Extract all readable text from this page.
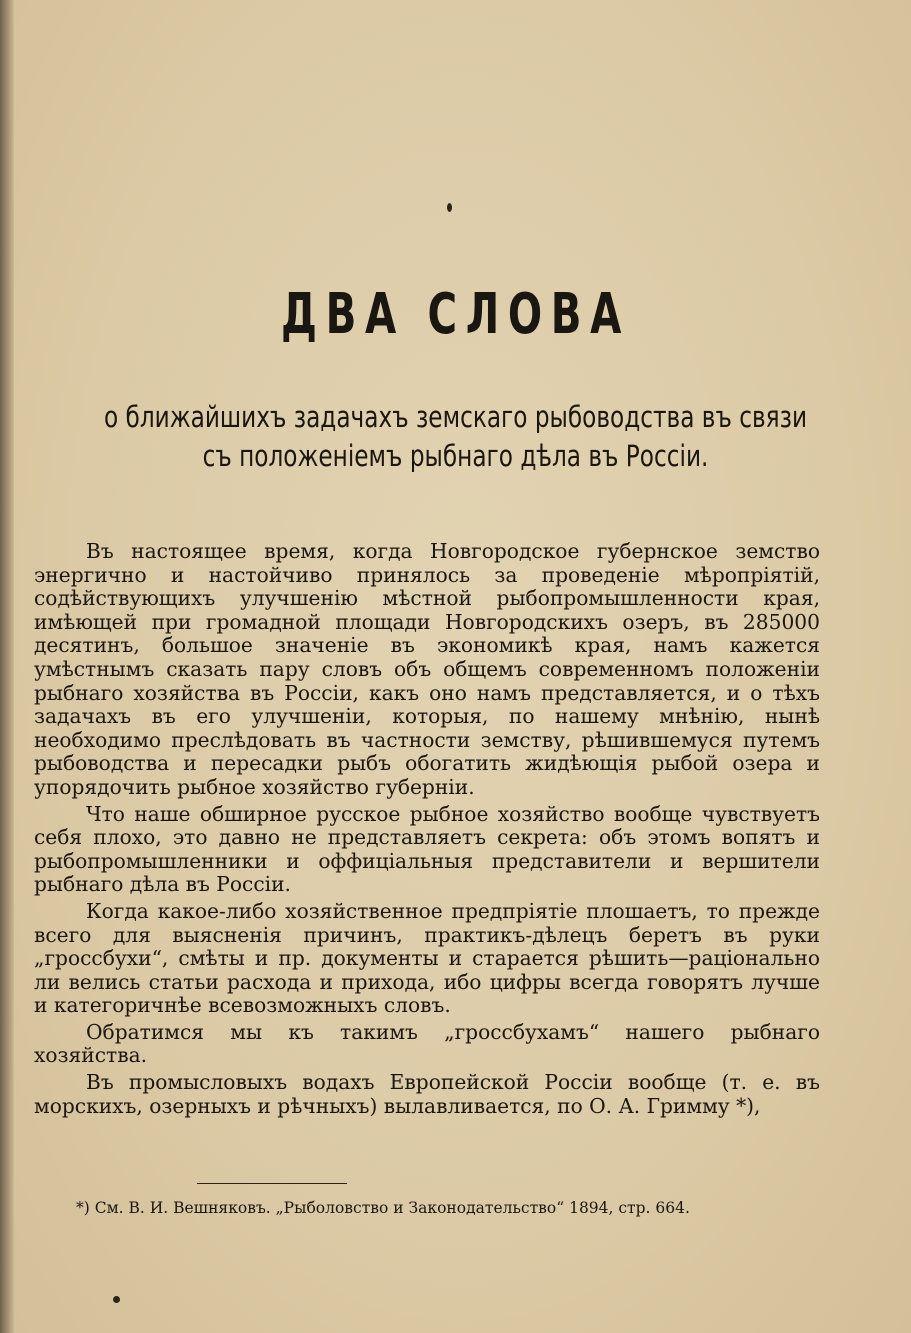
ДВА СЛОВА
о ближайшихъ задачахъ земскаго рыбоводства въ связи
съ положенiемъ рыбнаго дѣла въ Россiи.

Въ настоящее время, когда Новгородское губернское земство энергично и настойчиво принялось за проведенiе мѣропрiятiй, содѣйствующихъ улучшенiю мѣстной рыбопромышленности края, имѣющей при громадной площади Новгородскихъ озеръ, въ 285000 десятинъ, большое значенiе въ экономикѣ края, намъ кажется умѣстнымъ сказать пару словъ объ общемъ современномъ положенiи рыбнаго хозяйства въ Россiи, какъ оно намъ представляется, и о тѣхъ задачахъ въ его улучшенiи, которыя, по нашему мнѣнiю, нынѣ необходимо преслѣдовать въ частности земству, рѣшившемуся путемъ рыбоводства и пересадки рыбъ обогатить жидѣющiя рыбой озера и упорядочить рыбное хозяйство губернiи.

Что наше обширное русское рыбное хозяйство вообще чувствуетъ себя плохо, это давно не представляетъ секрета: объ этомъ вопятъ и рыбопромышленники и оффицiальныя представители и вершители рыбнаго дѣла въ Россiи.

Когда какое-либо хозяйственное предпрiятiе плошаетъ, то прежде всего для выясненiя причинъ, практикъ-дѣлецъ беретъ въ руки „гроссбухи“, смѣты и пр. документы и старается рѣшить—рацiонально ли велись статьи расхода и прихода, ибо цифры всегда говорятъ лучше и категоричнѣе всевозможныхъ словъ.

Обратимся мы къ такимъ „гроссбухамъ“ нашего рыбнаго хозяйства.

Въ промысловыхъ водахъ Европейской Россiи вообще (т. е. въ морскихъ, озерныхъ и рѣчныхъ) вылавливается, по О. А. Гримму *),

*) См. В. И. Вешняковъ. „Рыболовство и Законодательство“ 1894, стр. 664.
